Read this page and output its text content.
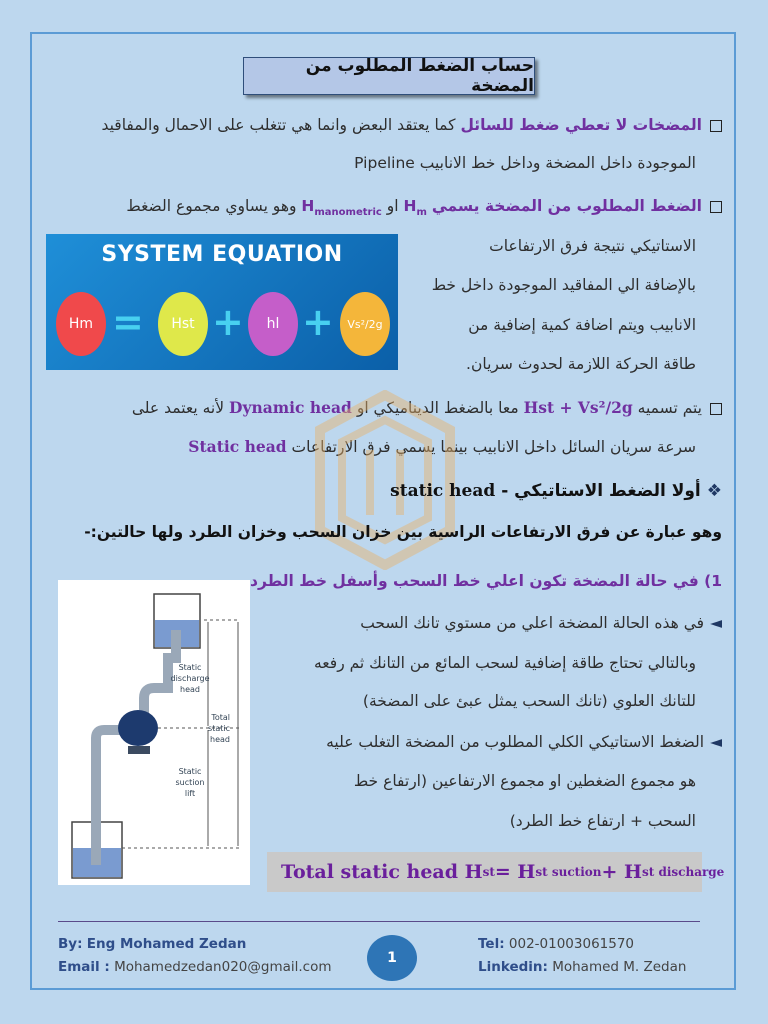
حساب الضغط المطلوب من المضخة
المضخات لا تعطي ضغط للسائل كما يعتقد البعض وانما هي تتغلب على الاحمال والمفاقيد
الموجودة داخل المضخة وداخل خط الانابيب Pipeline
الضغط المطلوب من المضخة يسمي $H_m$ او $H_{manometric}$ وهو يساوي مجموع الضغط
الاستاتيكي نتيجة فرق الارتفاعات
بالإضافة الي المفاقيد الموجودة داخل خط
الانابيب ويتم اضافة كمية إضافية من
طاقة الحركة اللازمة لحدوث سريان.
SYSTEM EQUATION
Hm =	Hst +	hl +	Vs²/2g
يتم تسميه Hst + Vs²/2g معا بالضغط الديناميكي او Dynamic head لأنه يعتمد على
سرعة سريان السائل داخل الانابيب بينما يسمي فرق الارتفاعات Static head
❖أولا الضغط الاستاتيكي - static head
وهو عبارة عن فرق الارتفاعات الراسية بين خزان السحب وخزان الطرد ولها حالتين:-
1) في حالة المضخة تكون اعلي خط السحب وأسفل خط الطرد
◄في هذه الحالة المضخة اعلي من مستوي تانك السحب
وبالتالي تحتاج طاقة إضافية لسحب المائع من التانك ثم رفعه
للتانك العلوي (تانك السحب يمثل عبئ على المضخة)
◄الضغط الاستاتيكي الكلي المطلوب من المضخة التغلب عليه
هو مجموع الضغطين او مجموع الارتفاعين (ارتفاع خط
السحب + ارتفاع خط الطرد)
Static
discharge
head
Total
static
head
Static
suction
lift
Total static head H st = H st suction + H st discharge
By: Eng Mohamed Zedan
Email : Mohamedzedan020@gmail.com
1
Tel: 002-01003061570
Linkedin: Mohamed M. Zedan
